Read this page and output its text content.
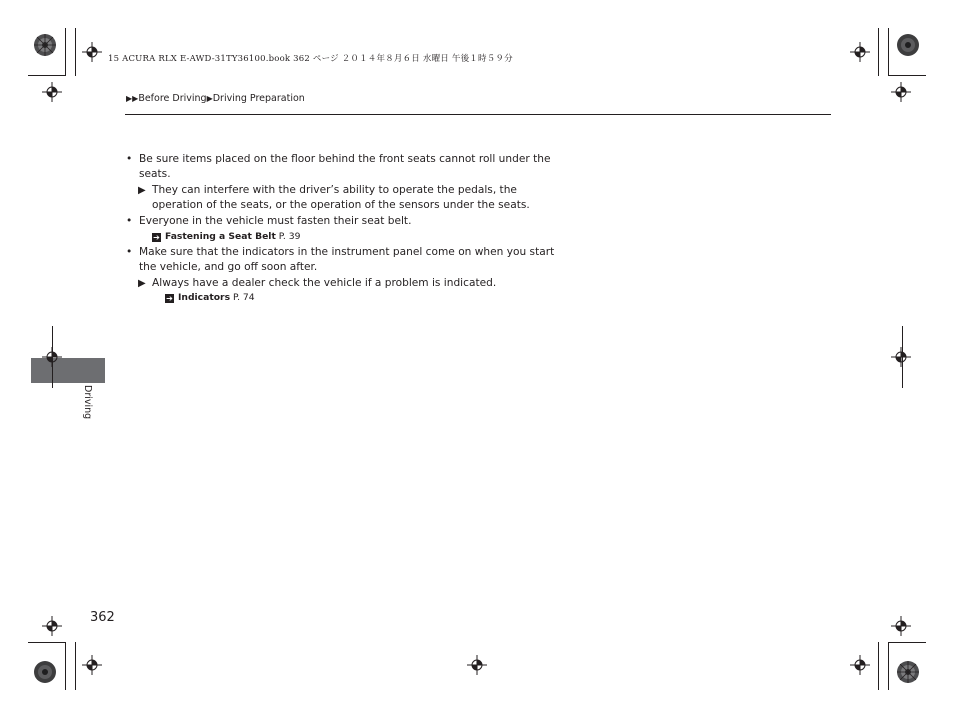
15 ACURA RLX E-AWD-31TY36100.book 362 ページ ２０１４年８月６日 水曜日 午後１時５９分
▶▶Before Driving▶Driving Preparation
• Be sure items placed on the floor behind the front seats cannot roll under the seats.
▶ They can interfere with the driver’s ability to operate the pedals, the operation of the seats, or the operation of the sensors under the seats.
• Everyone in the vehicle must fasten their seat belt.
➔ Fastening a Seat Belt P. 39
• Make sure that the indicators in the instrument panel come on when you start the vehicle, and go off soon after.
▶ Always have a dealer check the vehicle if a problem is indicated.
➔ Indicators P. 74
Driving
362
